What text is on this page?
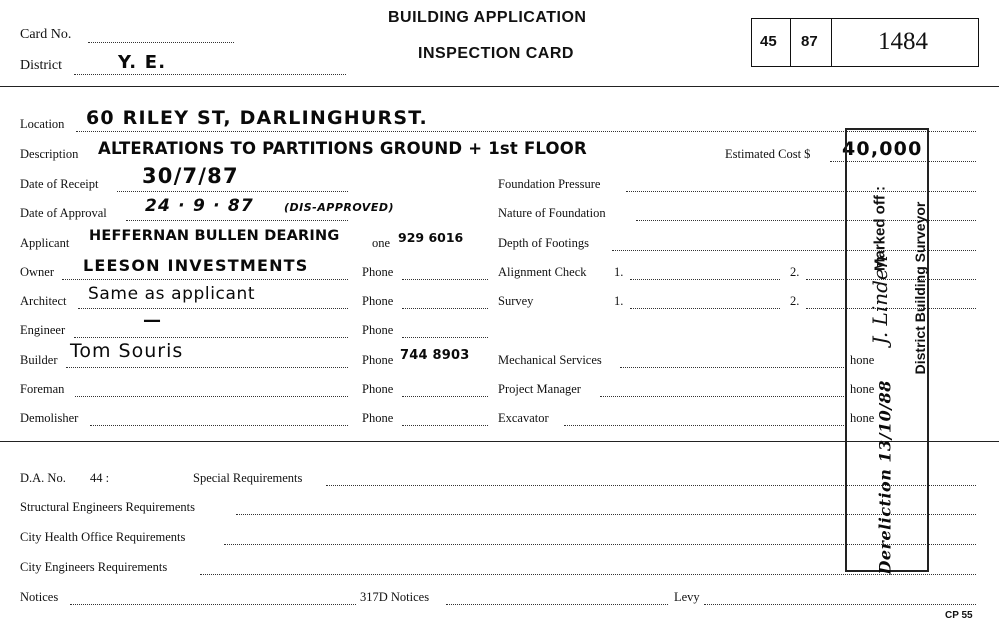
Card No.
District	Y. E.
BUILDING APPLICATION
INSPECTION CARD
45 87 1484
Location 60 RILEY ST, DARLINGHURST.
Description ALTERATIONS TO PARTITIONS GROUND + 1st FLOOR	Estimated Cost $ 40,000
Date of Receipt 30/7/87
Date of Approval 24 · 9 · 87	(DIS-APPROVED)
Applicant HEFFERNAN BULLEN DEARING	one 929 6016
Owner LEESON INVESTMENTS	Phone
Architect Same as applicant	Phone
Engineer	—	Phone
Builder Tom Souris	Phone 744 8903
Foreman	Phone
Demolisher	Phone
Foundation Pressure
Nature of Foundation
Depth of Footings
Alignment Check 1.	2.
Survey	1.	2.
Mechanical Services	hone
Project Manager	hone
Excavator	hone
D.A. No. 44 :	Special Requirements
Structural Engineers Requirements
City Health Office Requirements
City Engineers Requirements
Notices	317D Notices	Levy
CP 55
Marked off :
J. Linden District Building Surveyor
Dereliction 13/10/88
